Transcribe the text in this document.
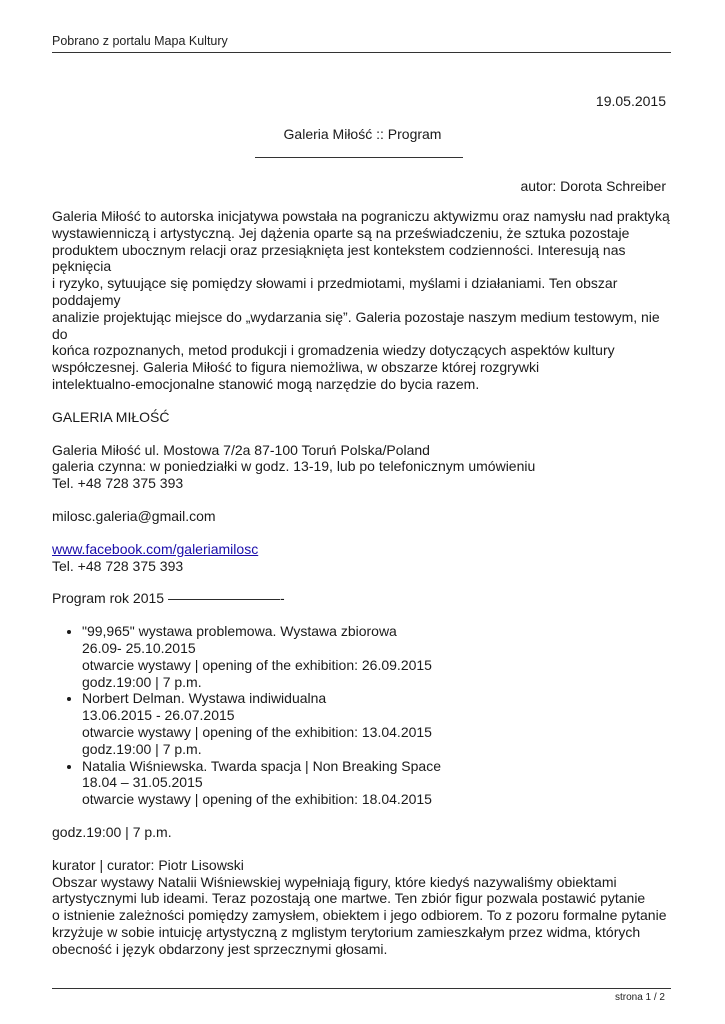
Pobrano z portalu Mapa Kultury
19.05.2015
Galeria Miłość :: Program
autor: Dorota Schreiber

Galeria Miłość to autorska inicjatywa powstała na pograniczu aktywizmu oraz namysłu nad praktyką
wystawienniczą i artystyczną. Jej dążenia oparte są na przeświadczeniu, że sztuka pozostaje
produktem ubocznym relacji oraz przesiąknięta jest kontekstem codzienności. Interesują nas pęknięcia
i ryzyko, sytuujące się pomiędzy słowami i przedmiotami, myślami i działaniami. Ten obszar poddajemy
analizie projektując miejsce do „wydarzania się”. Galeria pozostaje naszym medium testowym, nie do
końca rozpoznanych, metod produkcji i gromadzenia wiedzy dotyczących aspektów kultury
współczesnej. Galeria Miłość to figura niemożliwa, w obszarze której rozgrywki
intelektualno-emocjonalne stanowić mogą narzędzie do bycia razem.

GALERIA MIŁOŚĆ

Galeria Miłość ul. Mostowa 7/2a 87-100 Toruń Polska/Poland
galeria czynna: w poniedziałki w godz. 13-19, lub po telefonicznym umówieniu
Tel. +48 728 375 393

milosc.galeria@gmail.com

www.facebook.com/galeriamilosc
Tel. +48 728 375 393

Program rok 2015 ————————-

• "99,965" wystawa problemowa. Wystawa zbiorowa
26.09- 25.10.2015
otwarcie wystawy | opening of the exhibition: 26.09.2015
godz.19:00 | 7 p.m.
• Norbert Delman. Wystawa indiwidualna
13.06.2015 - 26.07.2015
otwarcie wystawy | opening of the exhibition: 13.04.2015
godz.19:00 | 7 p.m.
• Natalia Wiśniewska. Twarda spacja | Non Breaking Space
18.04 – 31.05.2015
otwarcie wystawy | opening of the exhibition: 18.04.2015

godz.19:00 | 7 p.m.

kurator | curator: Piotr Lisowski
Obszar wystawy Natalii Wiśniewskiej wypełniają figury, które kiedyś nazywaliśmy obiektami
artystycznymi lub ideami. Teraz pozostają one martwe. Ten zbiór figur pozwala postawić pytanie
o istnienie zależności pomiędzy zamysłem, obiektem i jego odbiorem. To z pozoru formalne pytanie
krzyżuje w sobie intuicję artystyczną z mglistym terytorium zamieszkałym przez widma, których
obecność i język obdarzony jest sprzecznymi głosami.

strona 1 / 2
